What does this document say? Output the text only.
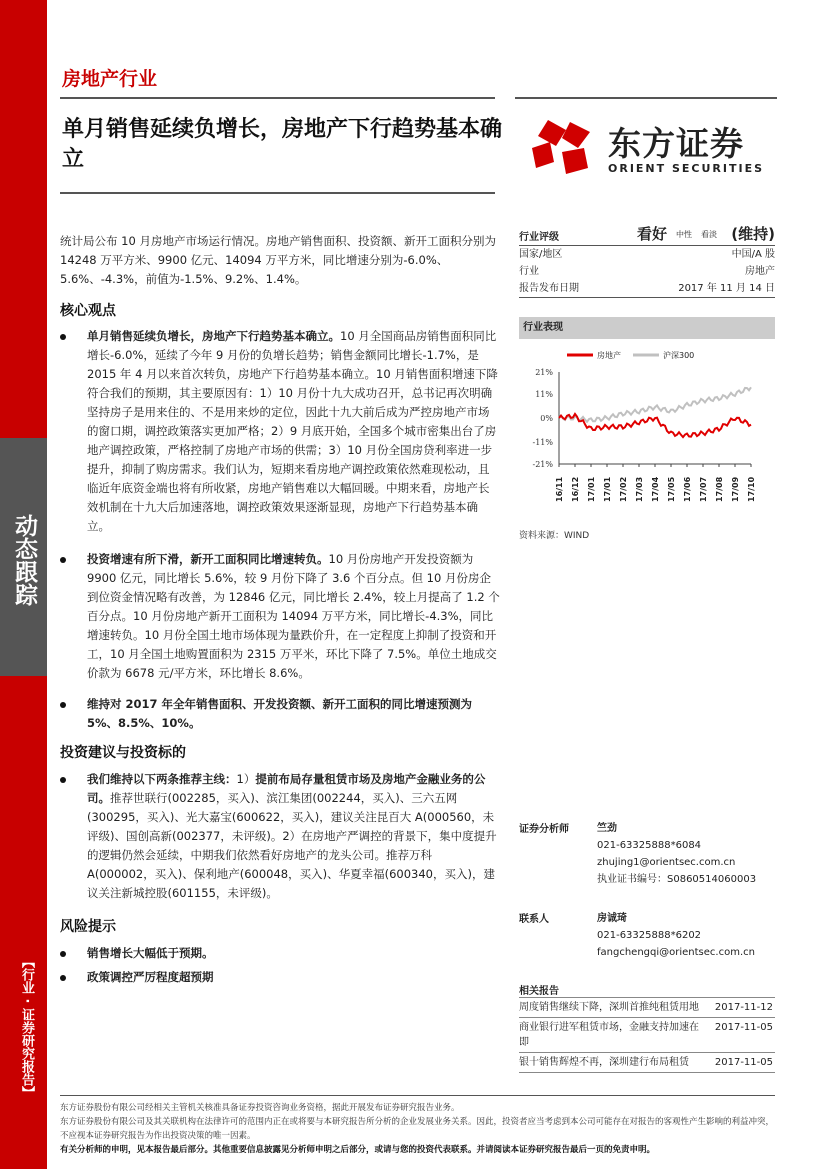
动态跟踪
【行业 · 证券研究报告】
房地产行业
单月销售延续负增长，房地产下行趋势基本确立	东方证券
ORIENT SECURITIES
统计局公布 10 月房地产市场运行情况。房地产销售面积、投资额、新开工面积分别为 14248 万平方米、9900 亿元、14094 万平方米，同比增速分别为-6.0%、5.6%、-4.3%，前值为-1.5%、9.2%、1.4%。
核心观点
单月销售延续负增长，房地产下行趋势基本确立。10 月全国商品房销售面积同比增长-6.0%，延续了今年 9 月份的负增长趋势；销售金额同比增长-1.7%，是 2015 年 4 月以来首次转负，房地产下行趋势基本确立。10 月销售面积增速下降符合我们的预期，其主要原因有：1）10 月份十九大成功召开，总书记再次明确坚持房子是用来住的、不是用来炒的定位，因此十九大前后成为严控房地产市场的窗口期，调控政策落实更加严格；2）9 月底开始，全国多个城市密集出台了房地产调控政策，严格控制了房地产市场的供需；3）10 月份全国房贷利率进一步提升，抑制了购房需求。我们认为，短期来看房地产调控政策依然难现松动，且临近年底资金端也将有所收紧，房地产销售难以大幅回暖。中期来看，房地产长效机制在十九大后加速落地，调控政策效果逐渐显现，房地产下行趋势基本确立。
投资增速有所下滑，新开工面积同比增速转负。10 月份房地产开发投资额为 9900 亿元，同比增长 5.6%，较 9 月份下降了 3.6 个百分点。但 10 月份房企到位资金情况略有改善，为 12846 亿元，同比增长 2.4%，较上月提高了 1.2 个百分点。10 月份房地产新开工面积为 14094 万平方米，同比增长-4.3%，同比增速转负。10 月份全国土地市场体现为量跌价升，在一定程度上抑制了投资和开工，10 月全国土地购置面积为 2315 万平米，环比下降了 7.5%。单位土地成交价款为 6678 元/平方米，环比增长 8.6%。
维持对 2017 年全年销售面积、开发投资额、新开工面积的同比增速预测为 5%、8.5%、10%。
投资建议与投资标的
我们维持以下两条推荐主线：1）提前布局存量租赁市场及房地产金融业务的公司。推荐世联行(002285，买入)、滨江集团(002244，买入)、三六五网(300295，买入)、光大嘉宝(600622，买入)，建议关注昆百大 A(000560，未评级)、国创高新(002377，未评级)。2）在房地产严调控的背景下，集中度提升的逻辑仍然会延续，中期我们依然看好房地产的龙头公司。推荐万科 A(000002，买入)、保利地产(600048，买入)、华夏幸福(600340，买入)，建议关注新城控股(601155，未评级)。
风险提示
销售增长大幅低于预期。
政策调控严厉程度超预期
行业评级	看好 中性 看淡 (维持)
国家/地区	中国/A 股
行业	房地产
报告发布日期	2017 年 11 月 14 日
行业表现
21%
11%
0%
-11%
-21%
16/11 16/12 17/01 17/01 17/02 17/03 17/04 17/05 17/06 17/07 17/08 17/09 17/10
房地产	沪深300
资料来源：WIND
证券分析师	竺劲
021-63325888*6084
zhujing1@orientsec.com.cn
执业证书编号：S0860514060003
联系人	房诚琦
021-63325888*6202
fangchengqi@orientsec.com.cn
相关报告
周度销售继续下降，深圳首推纯租赁用地	2017-11-12
商业银行进军租赁市场，金融支持加速在即
2017-11-05
银十销售辉煌不再，深圳建行布局租赁	2017-11-05
东方证券股份有限公司经相关主管机关核准具备证券投资咨询业务资格，据此开展发布证券研究报告业务。
东方证券股份有限公司及其关联机构在法律许可的范围内正在或将要与本研究报告所分析的企业发展业务关系。因此，投资者应当考虑到本公司可能存在对报告的客观性产生影响的利益冲突，不应视本证券研究报告为作出投资决策的唯一因素。
有关分析师的申明，见本报告最后部分。其他重要信息披露见分析师申明之后部分，或请与您的投资代表联系。并请阅读本证券研究报告最后一页的免责申明。
